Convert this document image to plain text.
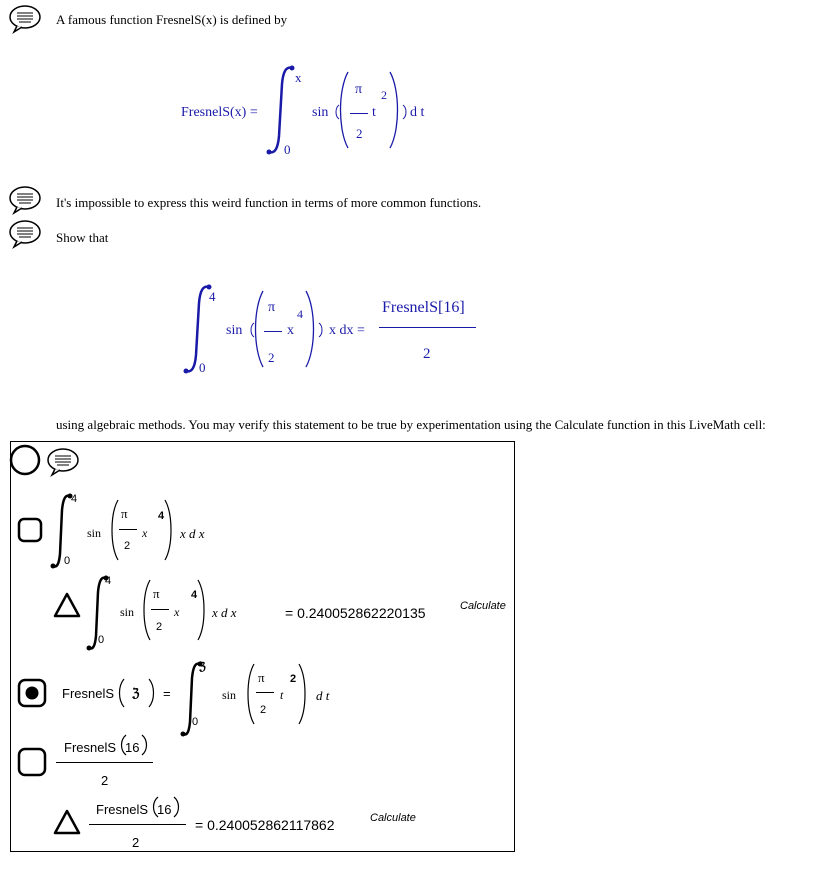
A famous function FresnelS(x) is defined by
It's impossible to express this weird function in terms of more common functions.
Show that
using algebraic methods. You may verify this statement to be true by experimentation using the Calculate function in this LiveMath cell:
FresnelS(x) =
x
0
sin
π
2
t
2
d t
4
0
sin
π
2
x
4
x dx =
FresnelS[16]
2
4
0
sin
π
2
x
4
x d x
4
0
sin
π
2
x
4
x d x	= 0.240052862220135	Calculate
FresnelS ℨ =
ℨ
0
sin
π
2
t
2
d t
FresnelS 16
2
FresnelS 16
2
= 0.240052862117862	Calculate
